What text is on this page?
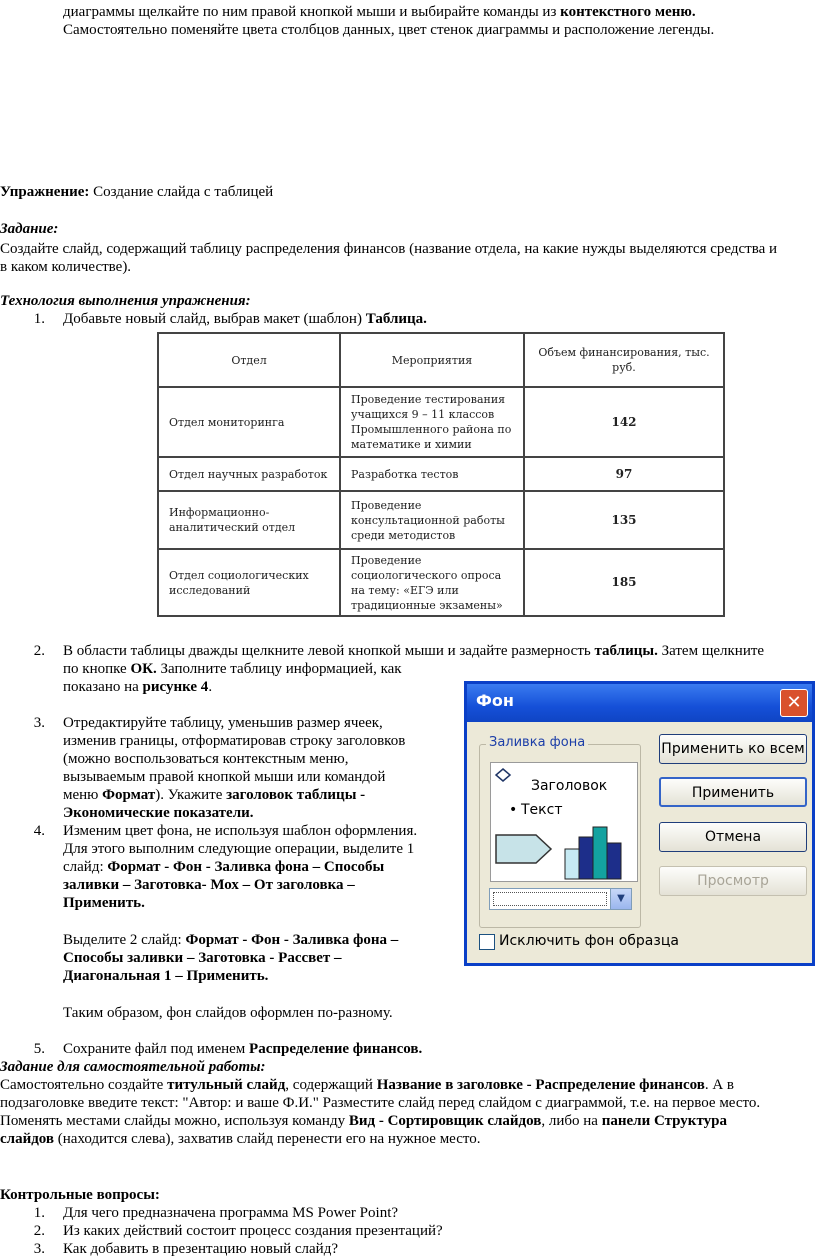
диаграммы щелкайте по ним правой кнопкой мыши и выбирайте команды из контекстного меню.
Самостоятельно поменяйте цвета столбцов данных, цвет стенок диаграммы и расположение легенды.
Упражнение: Создание слайда с таблицей
Задание:
Создайте слайд, содержащий таблицу распределения финансов (название отдела, на какие нужды выделяются средства и
в каком количестве).
Технология выполнения упражнения:
1. Добавьте новый слайд, выбрав макет (шаблон) Таблица.
Отдел	Мероприятия	Объем финансирования, тыс. руб.
Отдел мониторинга	Проведение тестирования учащихся 9 – 11 классов Промышленного района по математике и химии	142
Отдел научных разработок	Разработка тестов	97
Информационно-аналитический отдел	Проведение консультационной работы среди методистов	135
Отдел социологических исследований	Проведение социологического опроса на тему: «ЕГЭ или традиционные экзамены»	185
2. В области таблицы дважды щелкните левой кнопкой мыши и задайте размерность таблицы. Затем щелкните
по кнопке ОК. Заполните таблицу информацией, как
показано на рисунке 4.
3. Отредактируйте таблицу, уменьшив размер ячеек,
изменив границы, отформатировав строку заголовков
(можно воспользоваться контекстным меню,
вызываемым правой кнопкой мыши или командой
меню Формат). Укажите заголовок таблицы -
Экономические показатели.
4. Изменим цвет фона, не используя шаблон оформления.
Для этого выполним следующие операции, выделите 1
слайд: Формат - Фон - Заливка фона – Способы
заливки – Заготовка- Мох – От заголовка –
Применить.
Выделите 2 слайд: Формат - Фон - Заливка фона –
Способы заливки – Заготовка - Рассвет –
Диагональная 1 – Применить.
Таким образом, фон слайдов оформлен по-разному.
5. Сохраните файл под именем Распределение финансов.
Задание для самостоятельной работы:
Самостоятельно создайте титульный слайд, содержащий Название в заголовке - Распределение финансов. А в
подзаголовке введите текст: "Автор: и ваше Ф.И." Разместите слайд перед слайдом с диаграммой, т.е. на первое место.
Поменять местами слайды можно, используя команду Вид - Сортировщик слайдов, либо на панели Структура
слайдов (находится слева), захватив слайд перенести его на нужное место.
Контрольные вопросы:
1. Для чего предназначена программа MS Power Point?
2. Из каких действий состоит процесс создания презентаций?
3. Как добавить в презентацию новый слайд?
Фон	✕
Заливка фона
Заголовок
• Текст
▼
Исключить фон образца
Применить ко всем
Применить
Отмена
Просмотр
